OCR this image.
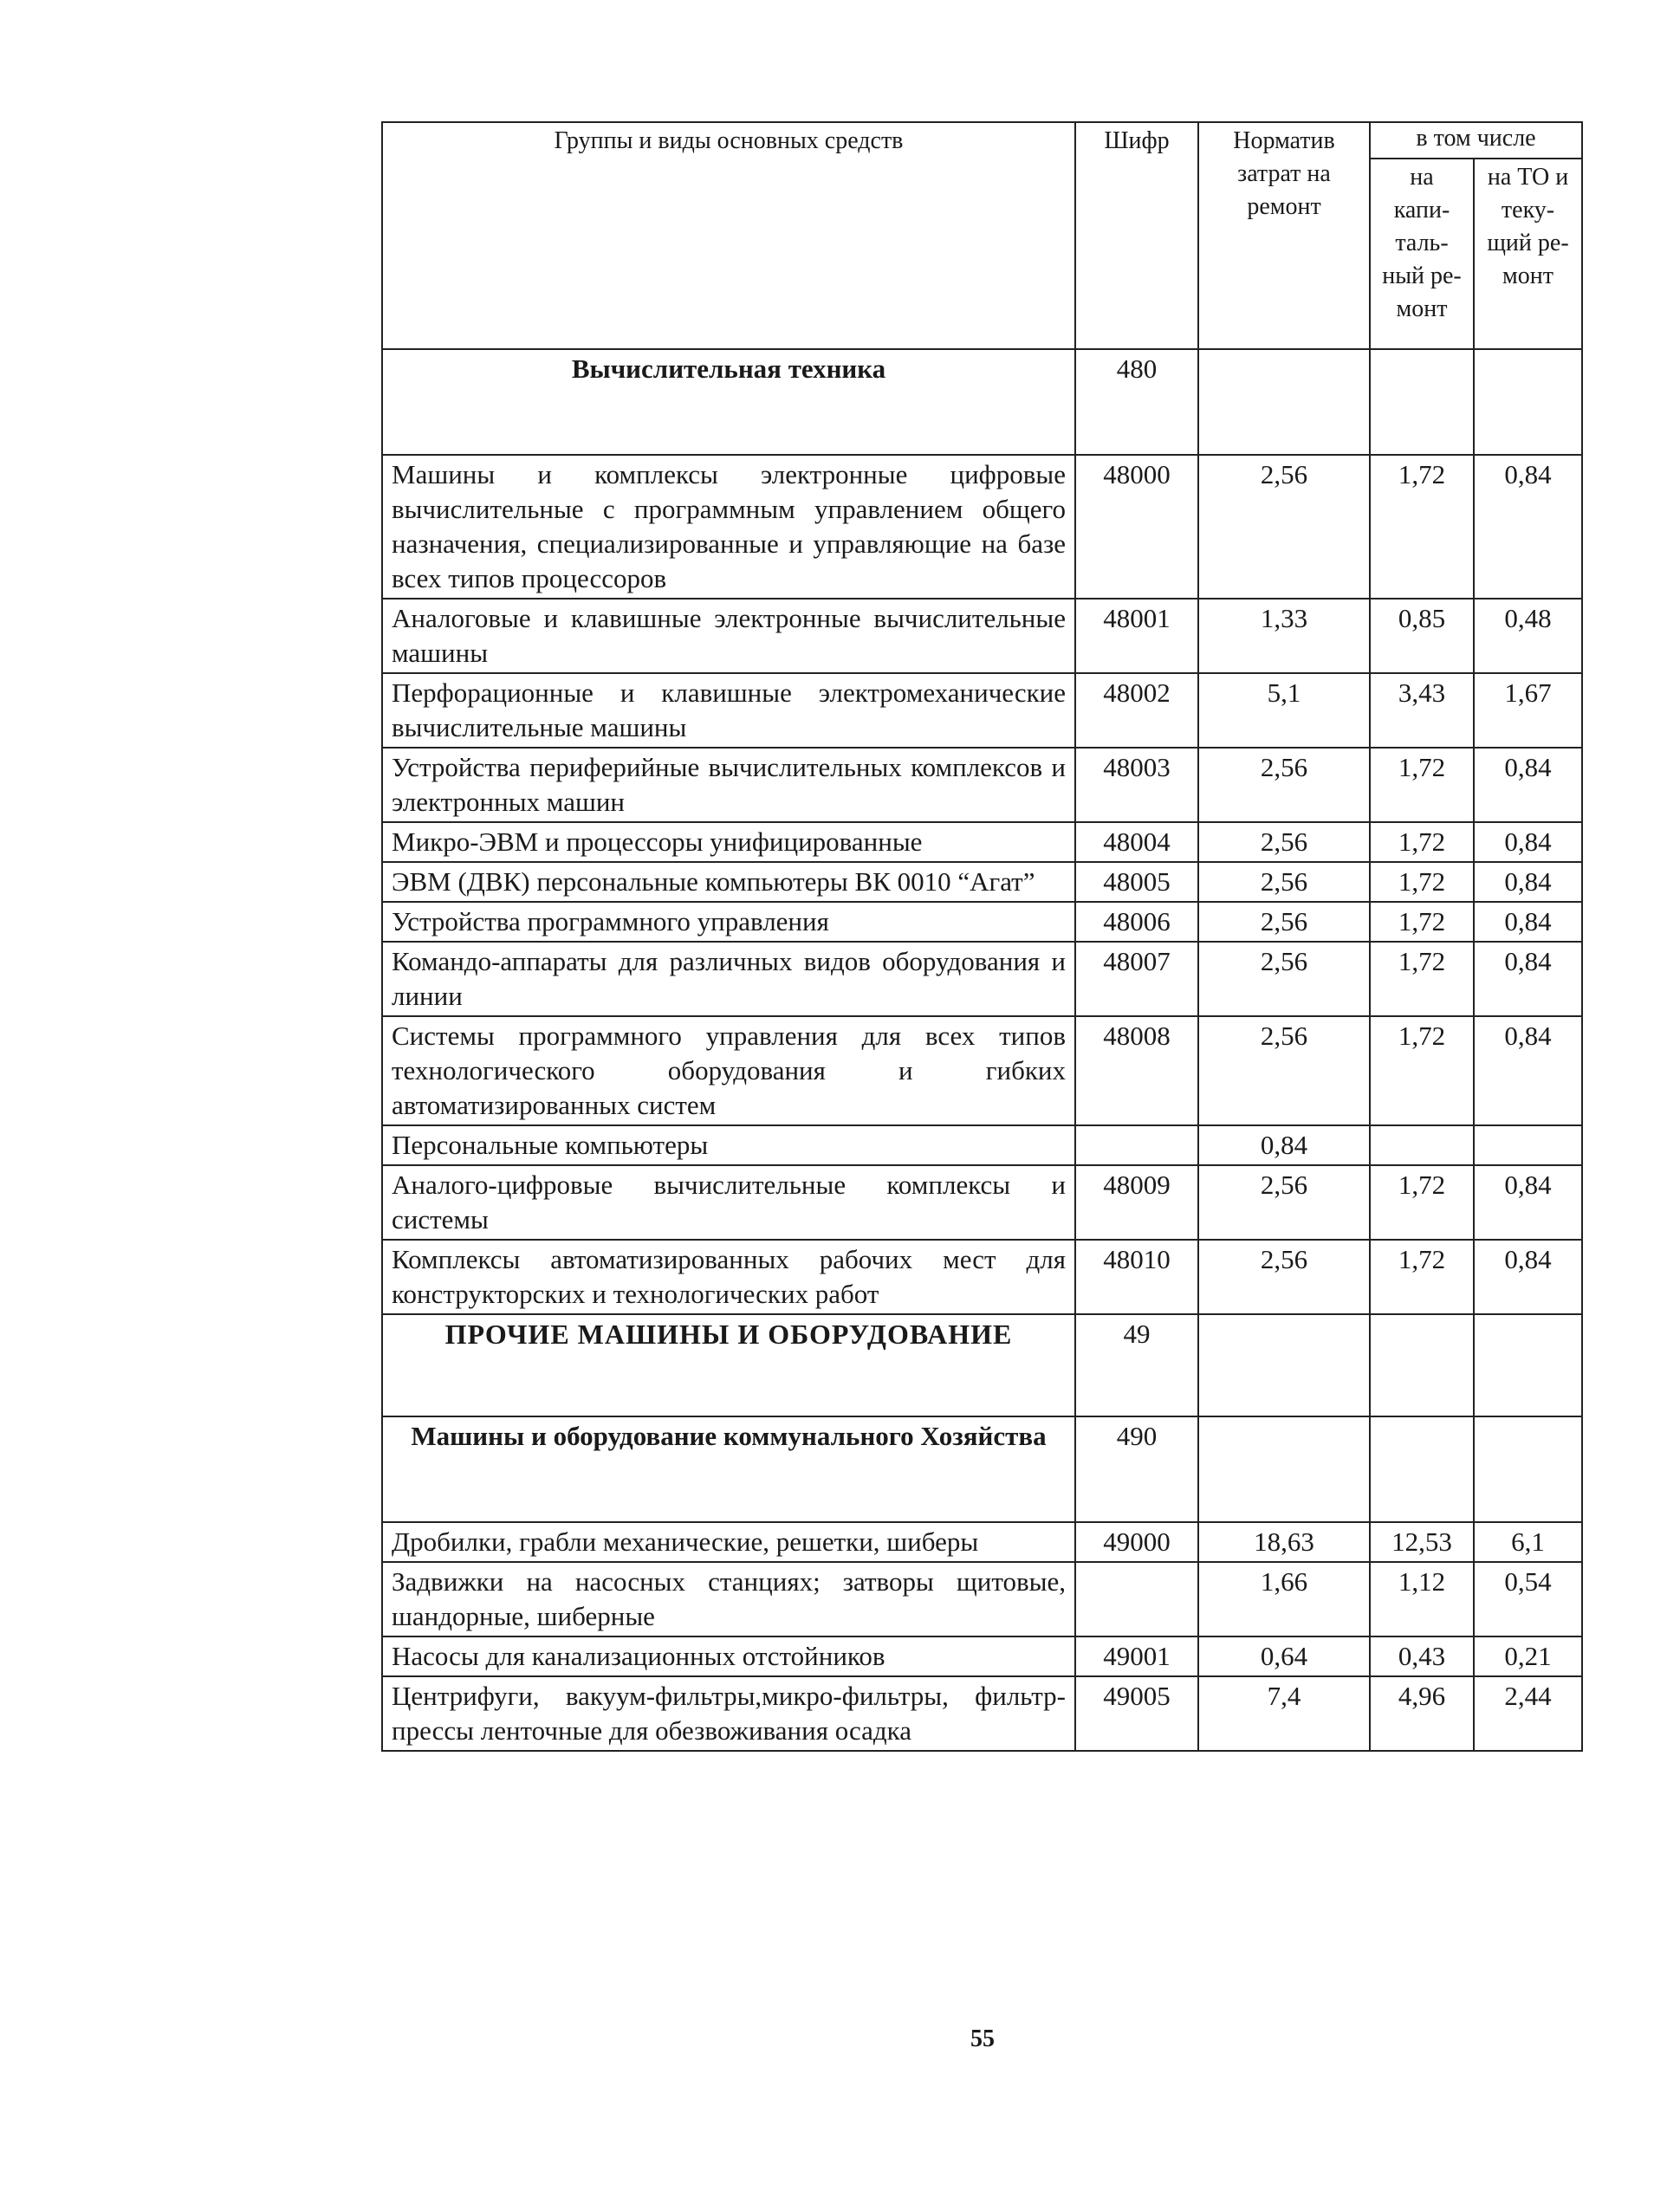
Группы и виды основных средств	Шифр	Норматив затрат на ремонт	в том числе	
			на капи- таль- ный ре- монт	на ТО и теку- щий ре- монт
Вычислительная техника	480			
Машины и комплексы электронные цифровые вычислительные с программным управлением общего назначения, специализированные и управляющие на базе всех типов процессоров	48000	2,56	1,72	0,84
Аналоговые и клавишные электронные вычислительные машины	48001	1,33	0,85	0,48
Перфорационные и клавишные электромеханические вычислительные машины	48002	5,1	3,43	1,67
Устройства периферийные вычислительных комплексов и электронных машин	48003	2,56	1,72	0,84
Микро-ЭВМ и процессоры унифицированные	48004	2,56	1,72	0,84
ЭВМ (ДВК) персональные компьютеры ВК 0010 “Агат”	48005	2,56	1,72	0,84
Устройства программного управления	48006	2,56	1,72	0,84
Командо-аппараты для различных видов оборудования и линии	48007	2,56	1,72	0,84
Системы программного управления для всех типов технологического оборудования и гибких автоматизированных систем	48008	2,56	1,72	0,84
Персональные компьютеры		0,84		
Аналого-цифровые вычислительные комплексы и системы	48009	2,56	1,72	0,84
Комплексы автоматизированных рабочих мест для конструкторских и технологических работ	48010	2,56	1,72	0,84
ПРОЧИЕ МАШИНЫ И ОБОРУДОВАНИЕ	49			
Машины и оборудование коммунального Хозяйства	490			
Дробилки, грабли механические, решетки, шиберы	49000	18,63	12,53	6,1
Задвижки на насосных станциях; затворы щитовые, шандорные, шиберные		1,66	1,12	0,54
Насосы для канализационных отстойников	49001	0,64	0,43	0,21
Центрифуги, вакуум-фильтры,микро-фильтры, фильтр- прессы ленточные для обезвоживания осадка	49005	7,4	4,96	2,44
55
